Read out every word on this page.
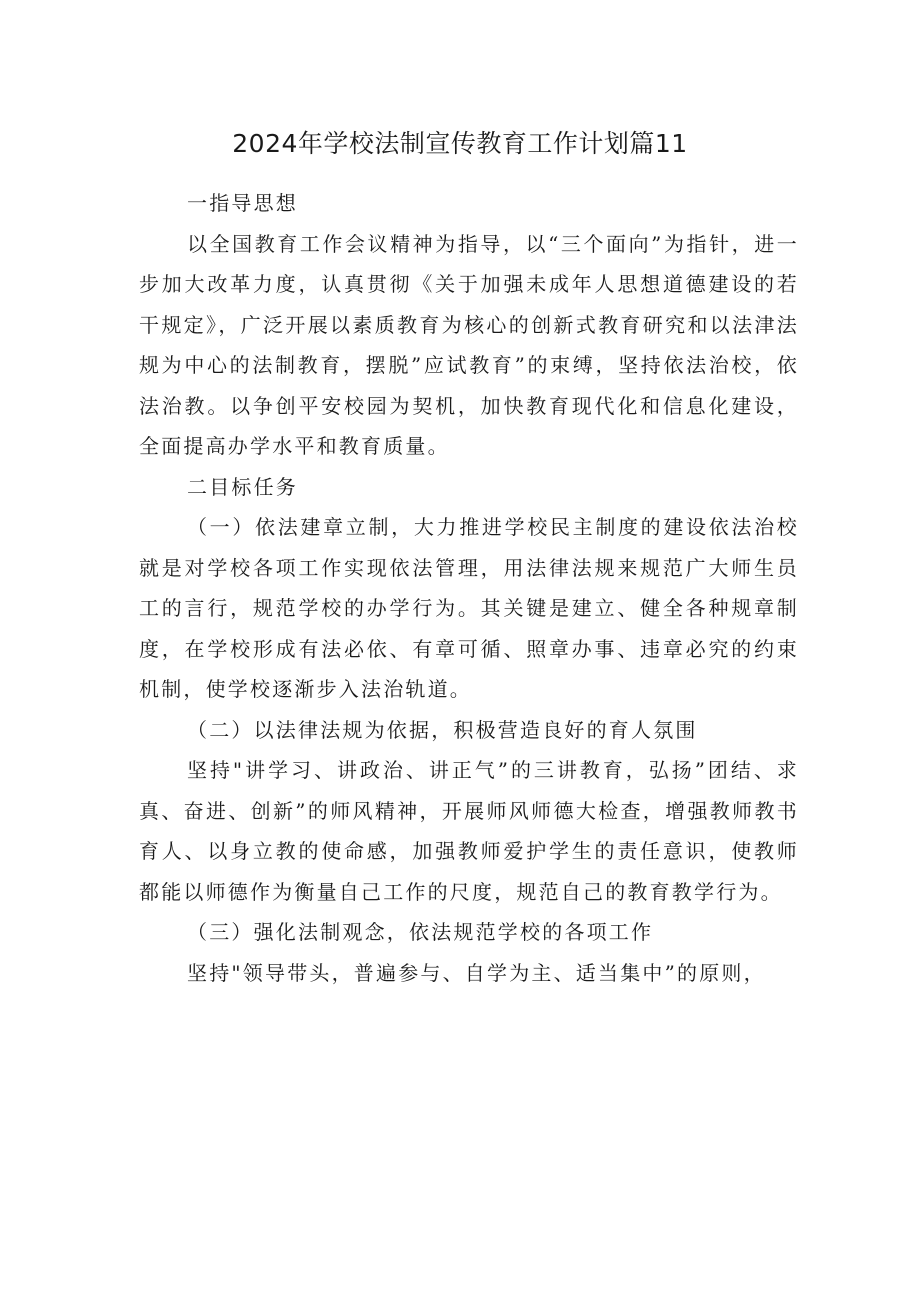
2024年学校法制宣传教育工作计划篇11

一指导思想

以全国教育工作会议精神为指导，以“三个面向”为指针，进一步加大改革力度，认真贯彻《关于加强未成年人思想道德建设的若干规定》，广泛开展以素质教育为核心的创新式教育研究和以法津法规为中心的法制教育，摆脱”应试教育”的束缚，坚持依法治校，依法治教。以争创平安校园为契机，加快教育现代化和信息化建设，全面提高办学水平和教育质量。

二目标任务

（一）依法建章立制，大力推进学校民主制度的建设依法治校就是对学校各项工作实现依法管理，用法律法规来规范广大师生员工的言行，规范学校的办学行为。其关键是建立、健全各种规章制度，在学校形成有法必依、有章可循、照章办事、违章必究的约束机制，使学校逐渐步入法治轨道。

（二）以法律法规为依据，积极营造良好的育人氛围

坚持"讲学习、讲政治、讲正气”的三讲教育，弘扬”团结、求真、奋进、创新”的师风精神，开展师风师德大检查，增强教师教书育人、以身立教的使命感，加强教师爱护学生的责任意识，使教师都能以师德作为衡量自己工作的尺度，规范自己的教育教学行为。

（三）强化法制观念，依法规范学校的各项工作

坚持"领导带头，普遍参与、自学为主、适当集中”的原则，
